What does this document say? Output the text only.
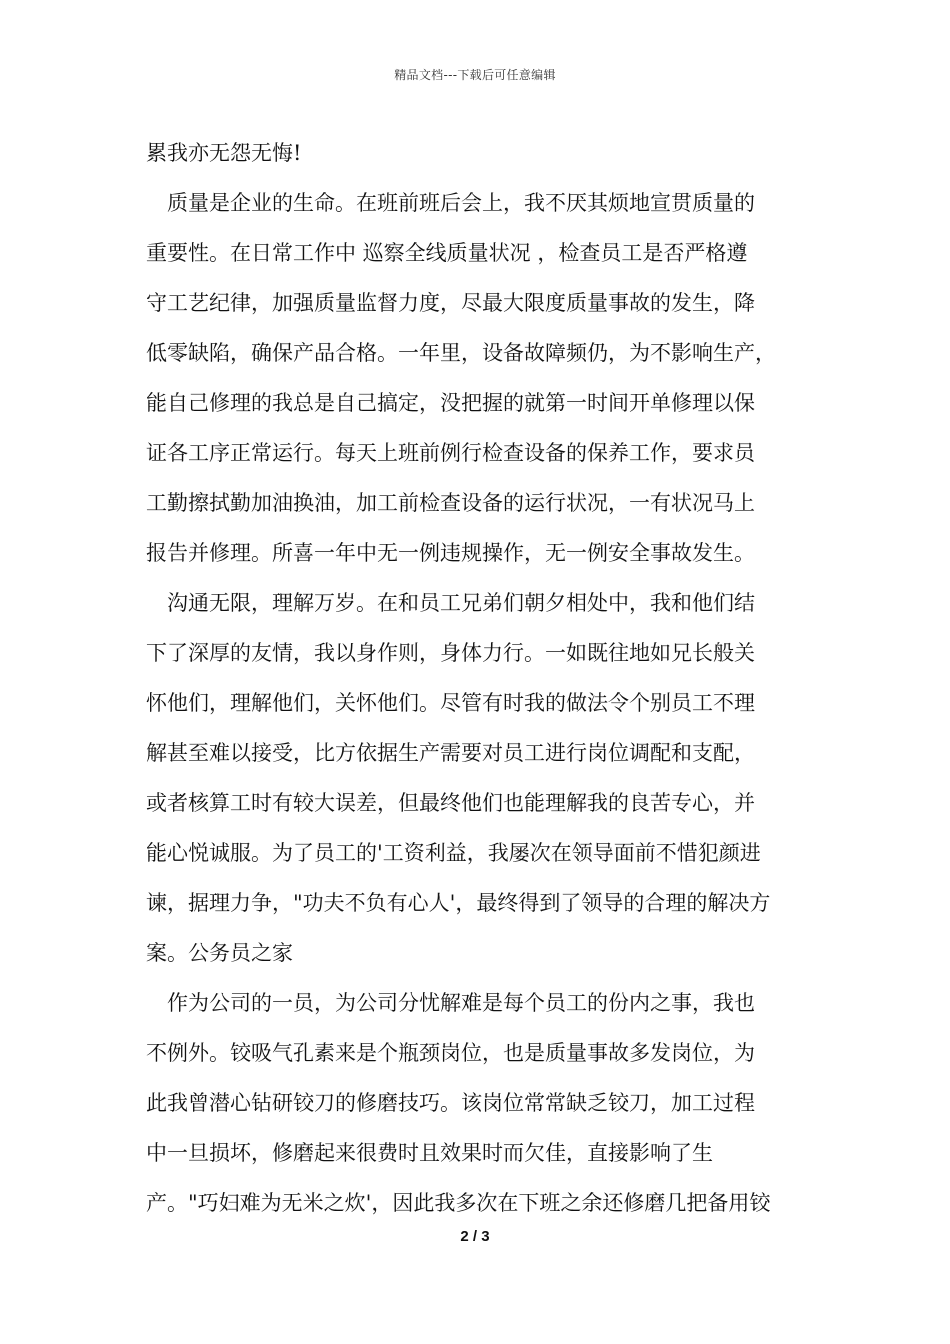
精品文档---下载后可任意编辑
累我亦无怨无悔!
质量是企业的生命。在班前班后会上，我不厌其烦地宣贯质量的
重要性。在日常工作中 巡察全线质量状况 ，检查员工是否严格遵
守工艺纪律，加强质量监督力度，尽最大限度质量事故的发生，降
低零缺陷，确保产品合格。一年里，设备故障频仍，为不影响生产，
能自己修理的我总是自己搞定，没把握的就第一时间开单修理以保
证各工序正常运行。每天上班前例行检查设备的保养工作，要求员
工勤擦拭勤加油换油，加工前检查设备的运行状况，一有状况马上
报告并修理。所喜一年中无一例违规操作，无一例安全事故发生。
沟通无限，理解万岁。在和员工兄弟们朝夕相处中，我和他们结
下了深厚的友情，我以身作则，身体力行。一如既往地如兄长般关
怀他们，理解他们，关怀他们。尽管有时我的做法令个别员工不理
解甚至难以接受，比方依据生产需要对员工进行岗位调配和支配，
或者核算工时有较大误差，但最终他们也能理解我的良苦专心，并
能心悦诚服。为了员工的'工资利益，我屡次在领导面前不惜犯颜进
谏，据理力争，"功夫不负有心人'，最终得到了领导的合理的解决方
案。公务员之家
作为公司的一员，为公司分忧解难是每个员工的份内之事，我也
不例外。铰吸气孔素来是个瓶颈岗位，也是质量事故多发岗位，为
此我曾潜心钻研铰刀的修磨技巧。该岗位常常缺乏铰刀，加工过程
中一旦损坏，修磨起来很费时且效果时而欠佳，直接影响了生
产。"巧妇难为无米之炊'，因此我多次在下班之余还修磨几把备用铰
2 / 3
